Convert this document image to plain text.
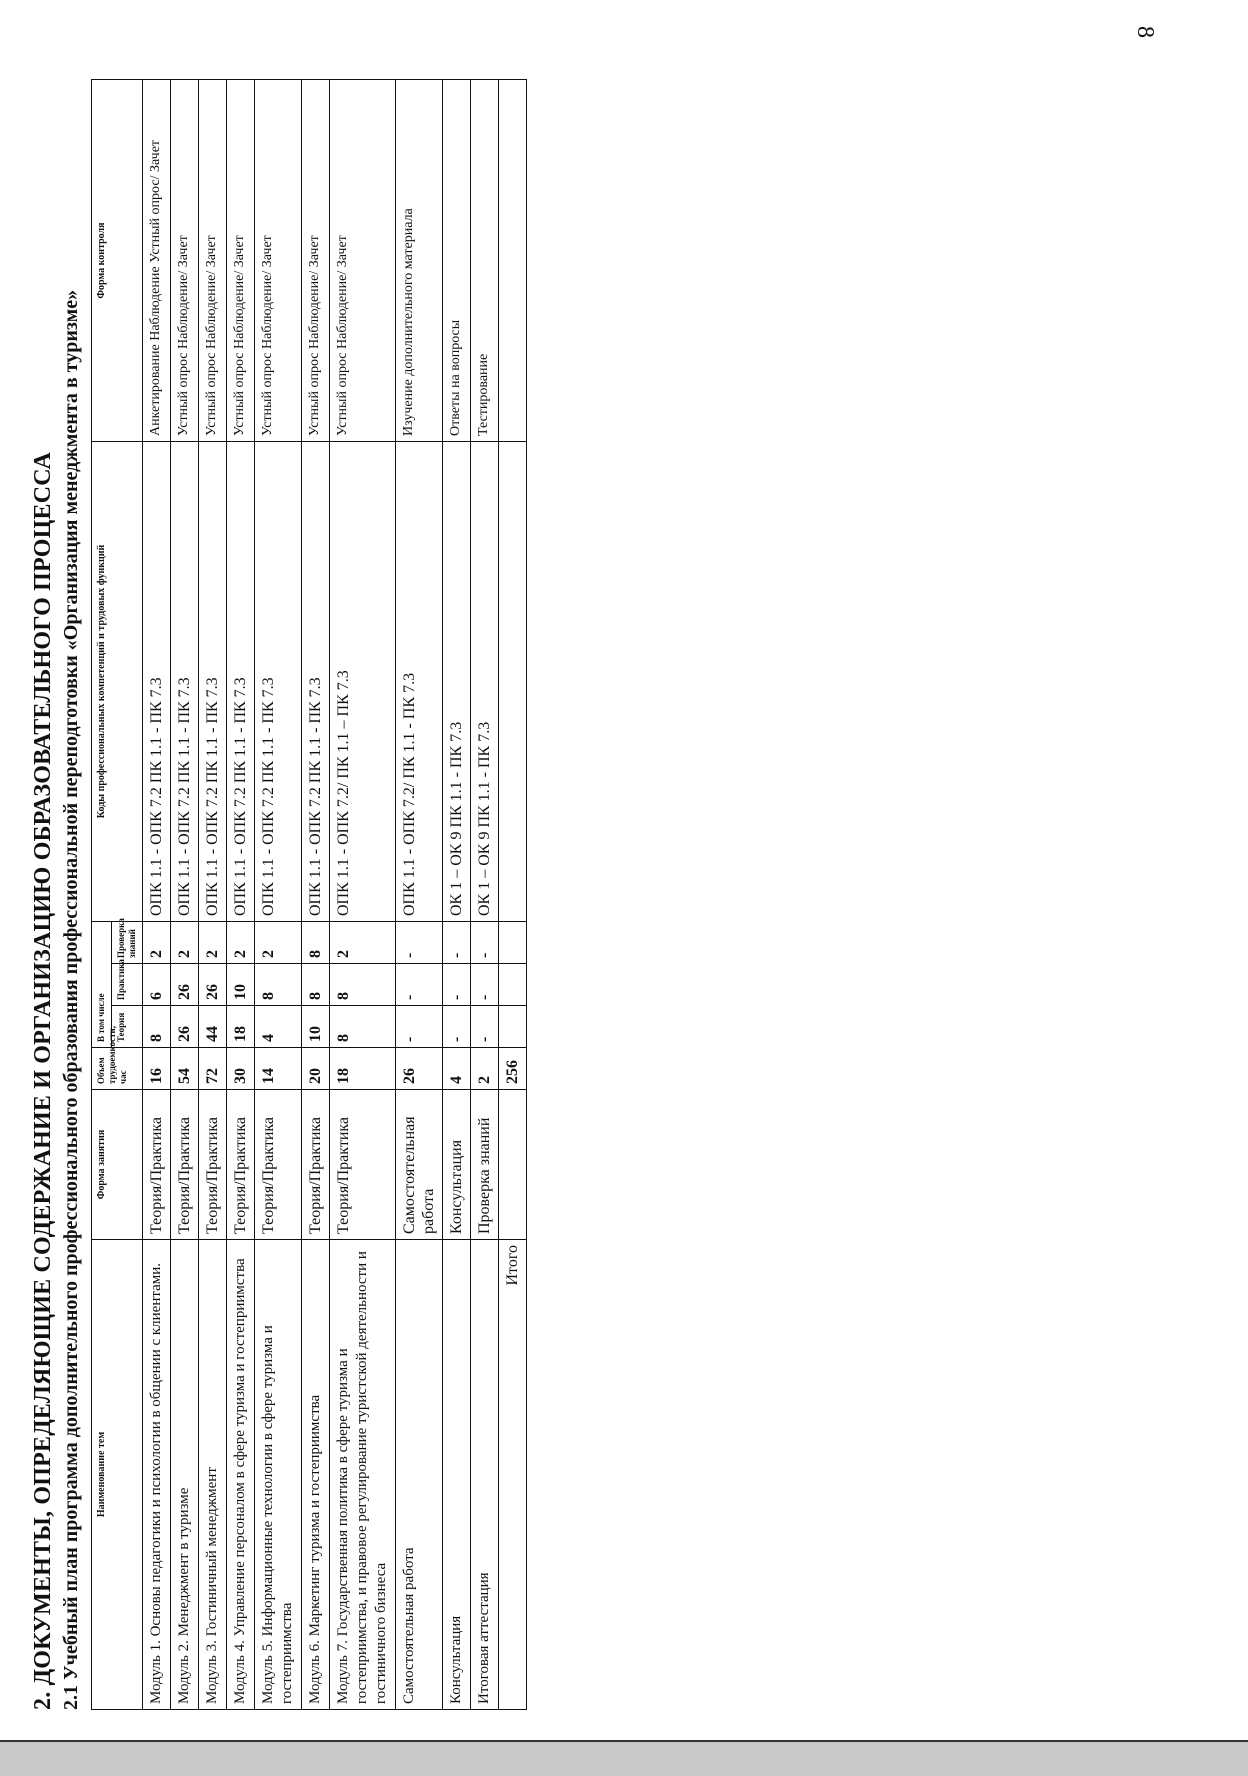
8
2. ДОКУМЕНТЫ, ОПРЕДЕЛЯЮЩИЕ СОДЕРЖАНИЕ И ОРГАНИЗАЦИЮ ОБРАЗОВАТЕЛЬНОГО ПРОЦЕССА 2.1 Учебный план программа дополнительного профессионального образования профессиональной переподготовки «Организация менеджмента в туризме» Наименование тем	Форма занятия	Объем трудоемкости, час	В том числе			Коды профессиональных компетенций и трудовых функций	Форма контроля
			Теория	Практика	Проверка знаний		
Модуль 1. Основы педагогики и психологии в общении с клиентами.	Теория/Практика	16	8	6	2	ОПК 1.1 - ОПК 7.2 ПК 1.1 - ПК 7.3	Анкетирование Наблюдение Устный опрос/ Зачет
Модуль 2. Менеджмент в туризме	Теория/Практика	54	26	26	2	ОПК 1.1 - ОПК 7.2 ПК 1.1 - ПК 7.3	Устный опрос Наблюдение/ Зачет
Модуль 3. Гостиничный менеджмент	Теория/Практика	72	44	26	2	ОПК 1.1 - ОПК 7.2 ПК 1.1 - ПК 7.3	Устный опрос Наблюдение/ Зачет
Модуль 4. Управление персоналом в сфере туризма и гостеприимства	Теория/Практика	30	18	10	2	ОПК 1.1 - ОПК 7.2 ПК 1.1 - ПК 7.3	Устный опрос Наблюдение/ Зачет
Модуль 5. Информационные технологии в сфере туризма и гостеприимства	Теория/Практика	14	4	8	2	ОПК 1.1 - ОПК 7.2 ПК 1.1 - ПК 7.3	Устный опрос Наблюдение/ Зачет
Модуль 6. Маркетинг туризма и гостеприимства	Теория/Практика	20	10	8	8	ОПК 1.1 - ОПК 7.2 ПК 1.1 - ПК 7.3	Устный опрос Наблюдение/ Зачет
Модуль 7. Государственная политика в сфере туризма и гостеприимства, и правовое регулирование туристской деятельности и гостиничного бизнеса	Теория/Практика	18	8	8	2	ОПК 1.1 - ОПК 7.2/ ПК 1.1 – ПК 7.3	Устный опрос Наблюдение/ Зачет
Самостоятельная работа	Самостоятельная работа	26	-	-	-	ОПК 1.1 - ОПК 7.2/ ПК 1.1 - ПК 7.3	Изучение дополнительного материала
Консультация	Консультация	4	-	-	-	ОК 1 – ОК 9 ПК 1.1 - ПК 7.3	Ответы на вопросы
Итоговая аттестация	Проверка знаний	2	-	-	-	ОК 1 – ОК 9 ПК 1.1 - ПК 7.3	Тестирование
Итого		256					
